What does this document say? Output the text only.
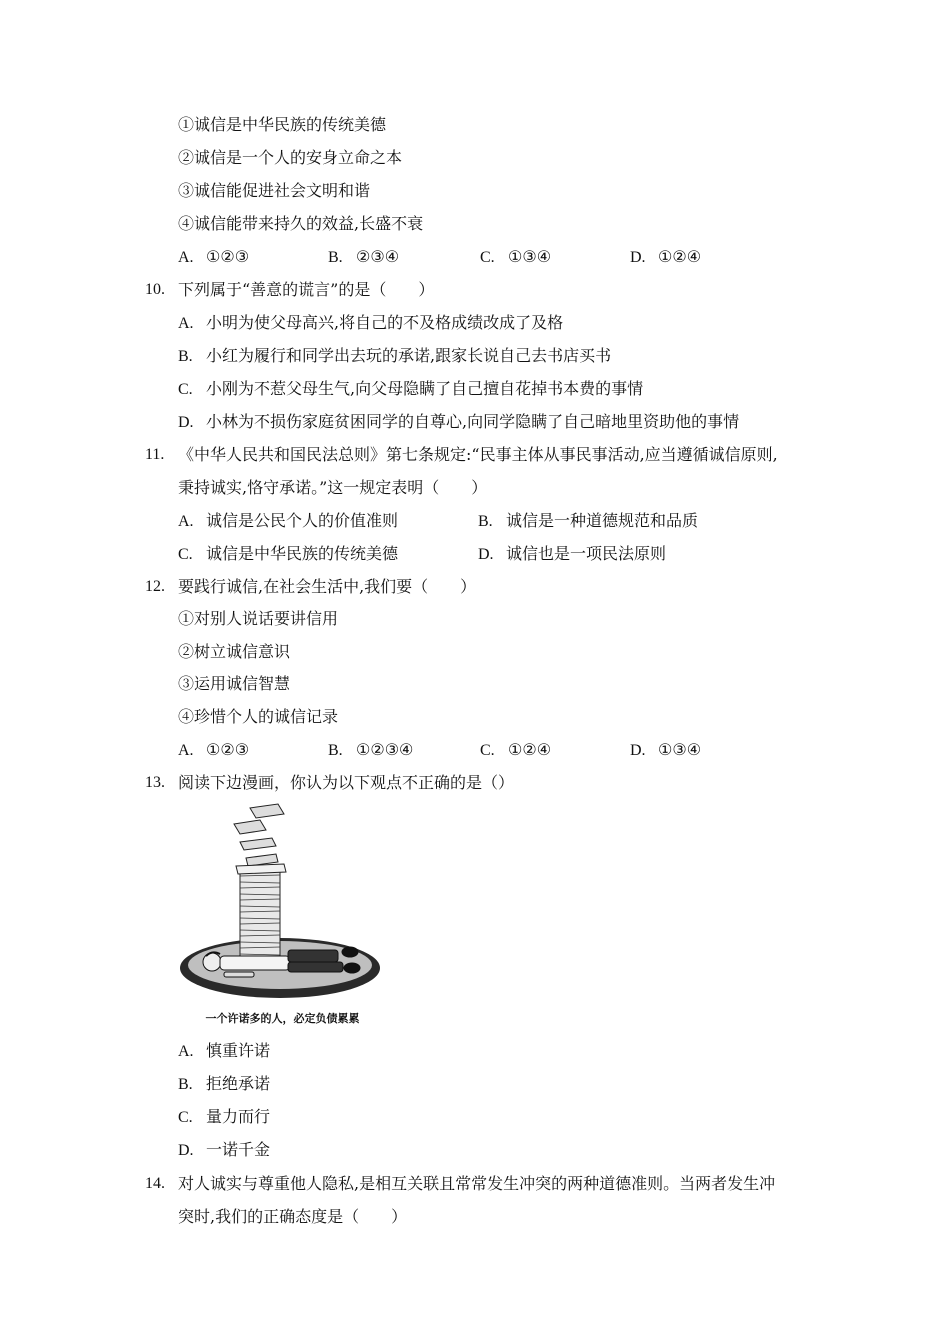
①诚信是中华民族的传统美德
②诚信是一个人的安身立命之本
③诚信能促进社会文明和谐
④诚信能带来持久的效益,长盛不衰
A. ①②③	B. ②③④	C. ①③④	D. ①②④
10. 下列属于“善意的谎言”的是（　　）
A. 小明为使父母高兴,将自己的不及格成绩改成了及格
B. 小红为履行和同学出去玩的承诺,跟家长说自己去书店买书
C. 小刚为不惹父母生气,向父母隐瞒了自己擅自花掉书本费的事情
D. 小林为不损伤家庭贫困同学的自尊心,向同学隐瞒了自己暗地里资助他的事情
11. 《中华人民共和国民法总则》第七条规定:“民事主体从事民事活动,应当遵循诚信原则,
秉持诚实,恪守承诺。”这一规定表明（　　）
A. 诚信是公民个人的价值准则	B. 诚信是一种道德规范和品质
C. 诚信是中华民族的传统美德	D. 诚信也是一项民法原则
12. 要践行诚信,在社会生活中,我们要（　　）
①对别人说话要讲信用
②树立诚信意识
③运用诚信智慧
④珍惜个人的诚信记录
A. ①②③	B. ①②③④	C. ①②④	D. ①③④
13. 阅读下边漫画，你认为以下观点不正确的是（）
一个许诺多的人，必定负债累累
A. 慎重许诺
B. 拒绝承诺
C. 量力而行
D. 一诺千金
14. 对人诚实与尊重他人隐私,是相互关联且常常发生冲突的两种道德准则。当两者发生冲
突时,我们的正确态度是（　　）
